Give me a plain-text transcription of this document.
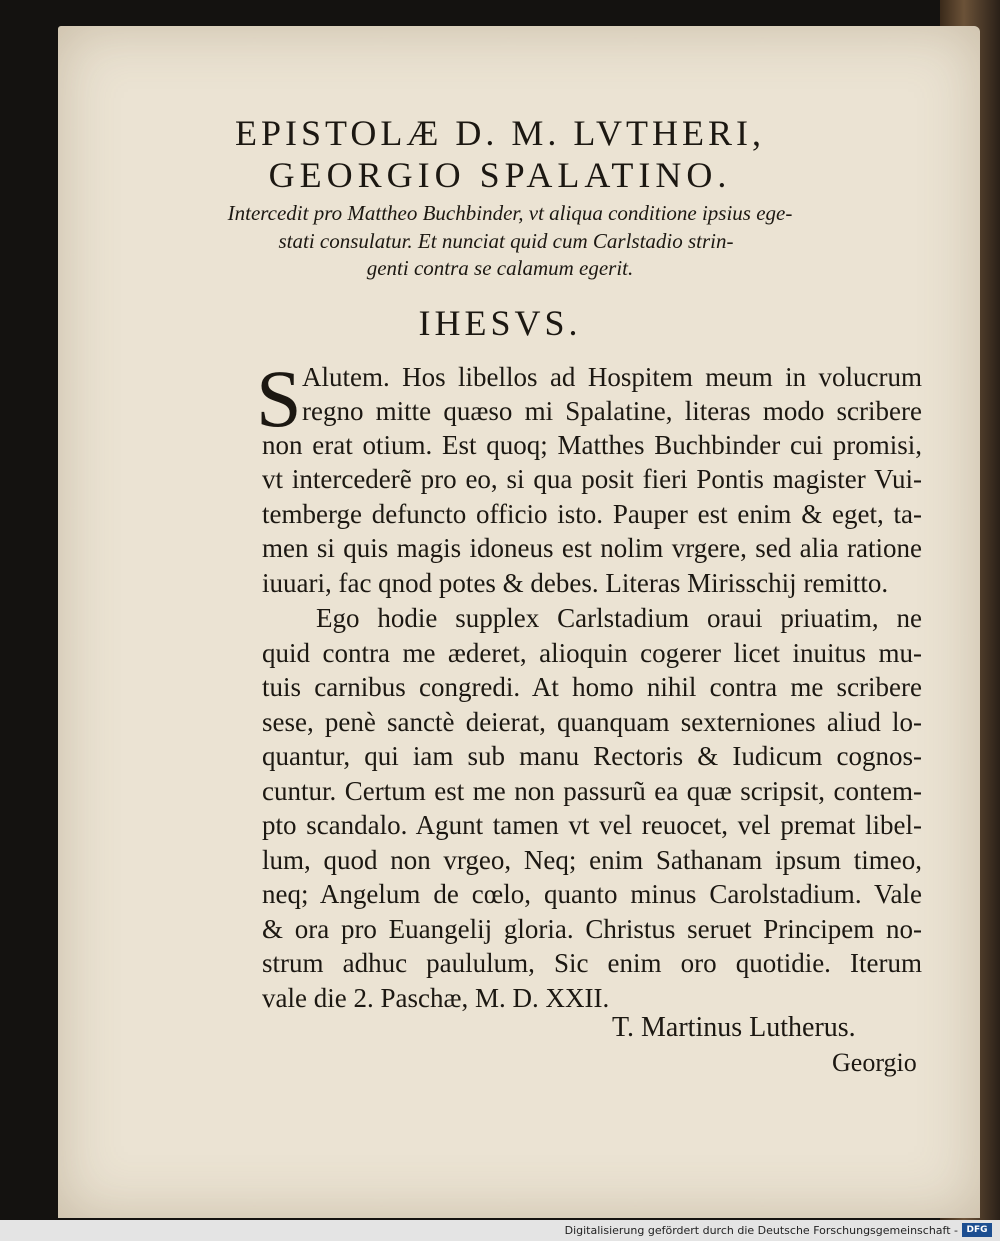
EPISTOLÆ D. M. LVTHERI,
GEORGIO SPALATINO.

Intercedit pro Mattheo Buchbinder, vt aliqua conditione ipsius ege-

stati consulatur. Et nunciat quid cum Carlstadio strin-

genti contra se calamum egerit.

IHESVS.
S Alutem. Hos libellos ad Hospitem meum in volucrum
regno mitte quæso mi Spalatine, literas modo scribere
non erat otium. Est quoq; Matthes Buchbinder cui promisi,
vt intercederẽ pro eo, si qua posit fieri Pontis magister Vui-
temberge defuncto officio isto. Pauper est enim & eget, ta-
men si quis magis idoneus est nolim vrgere, sed alia ratione
iuuari, fac qnod potes & debes. Literas Mirisschij remitto.
Ego hodie supplex Carlstadium oraui priuatim, ne
quid contra me æderet, alioquin cogerer licet inuitus mu-
tuis carnibus congredi. At homo nihil contra me scribere
sese, penè sanctè deierat, quanquam sexterniones aliud lo-
quantur, qui iam sub manu Rectoris & Iudicum cognos-
cuntur. Certum est me non passurũ ea quæ scripsit, contem-
pto scandalo. Agunt tamen vt vel reuocet, vel premat libel-
lum, quod non vrgeo, Neq; enim Sathanam ipsum timeo,
neq; Angelum de cœlo, quanto minus Carolstadium. Vale
& ora pro Euangelij gloria. Christus seruet Principem no-
strum adhuc paululum, Sic enim oro quotidie. Iterum
vale die 2. Paschæ, M. D. XXII.
T. Martinus Lutherus.
Georgio
Digitalisierung gefördert durch die Deutsche Forschungsgemeinschaft - DFG
